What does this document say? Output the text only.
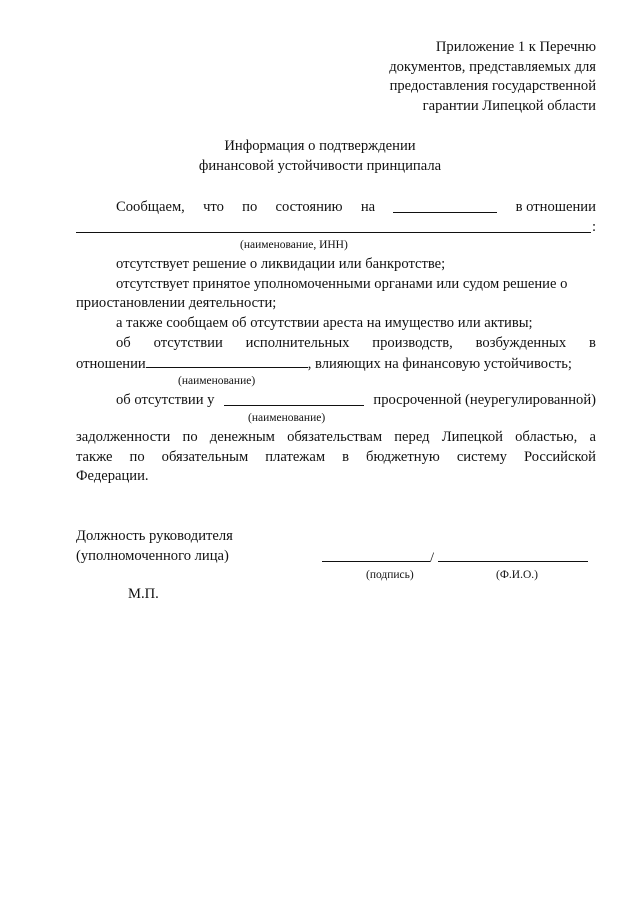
Приложение 1 к Перечню
документов, представляемых для
предоставления государственной
гарантии Липецкой области
Информация о подтверждении
финансовой устойчивости принципала
Сообщаем, что по состоянию на	в отношении
:
(наименование, ИНН)
отсутствует решение о ликвидации или банкротстве;
отсутствует принятое уполномоченными органами или судом решение о
приостановлении деятельности;
а также сообщаем об отсутствии ареста на имущество или активы;
об отсутствии исполнительных производств, возбужденных в
отношении	, влияющих на финансовую устойчивость;
(наименование)
об отсутствии у	просроченной (неурегулированной)
(наименование)
задолженности по денежным обязательствам перед Липецкой областью, а
также по обязательным платежам в бюджетную систему Российской
Федерации.
Должность руководителя
(уполномоченного лица)	/
(подпись)	(Ф.И.О.)
М.П.
